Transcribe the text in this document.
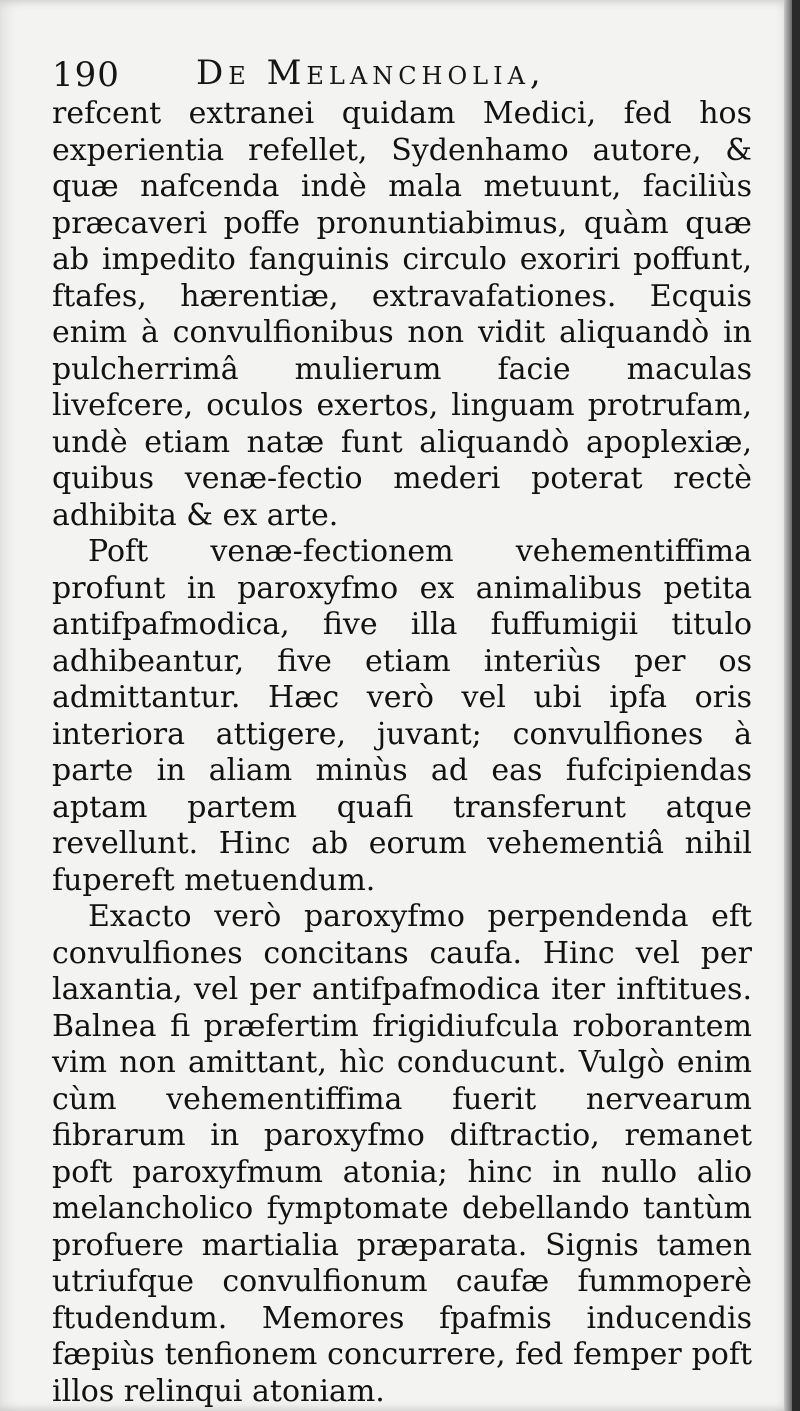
190 De Melancholia,

refcent extranei quidam Medici, fed hos experientia refellet, Sydenhamo autore, & quæ nafcenda indè mala metuunt, faciliùs præcaveri poffe pronuntiabimus, quàm quæ ab impedito fanguinis circulo exoriri poffunt, ftafes, hærentiæ, extravafationes. Ecquis enim à convulfionibus non vidit aliquandò in pulcherrimâ mulierum facie maculas livefcere, oculos exertos, linguam protrufam, undè etiam natæ funt aliquandò apoplexiæ, quibus venæ-fectio mederi poterat rectè adhibita & ex arte.

Poft venæ-fectionem vehementiffima profunt in paroxyfmo ex animalibus petita antifpafmodica, five illa fuffumigii titulo adhibeantur, five etiam interiùs per os admittantur. Hæc verò vel ubi ipfa oris interiora attigere, juvant; convulfiones à parte in aliam minùs ad eas fufcipiendas aptam partem quafi transferunt atque revellunt. Hinc ab eorum vehementiâ nihil fupereft metuendum.

Exacto verò paroxyfmo perpendenda eft convulfiones concitans caufa. Hinc vel per laxantia, vel per antifpafmodica iter inftitues. Balnea fi præfertim frigidiufcula roborantem vim non amittant, hìc conducunt. Vulgò enim cùm vehementiffima fuerit nervearum fibrarum in paroxyfmo diftractio, remanet poft paroxyfmum atonia; hinc in nullo alio melancholico fymptomate debellando tantùm profuere martialia præparata. Signis tamen utriufque convulfionum caufæ fummoperè ftudendum. Memores fpafmis inducendis fæpiùs tenfionem concurrere, fed femper poft illos relinqui atoniam.
